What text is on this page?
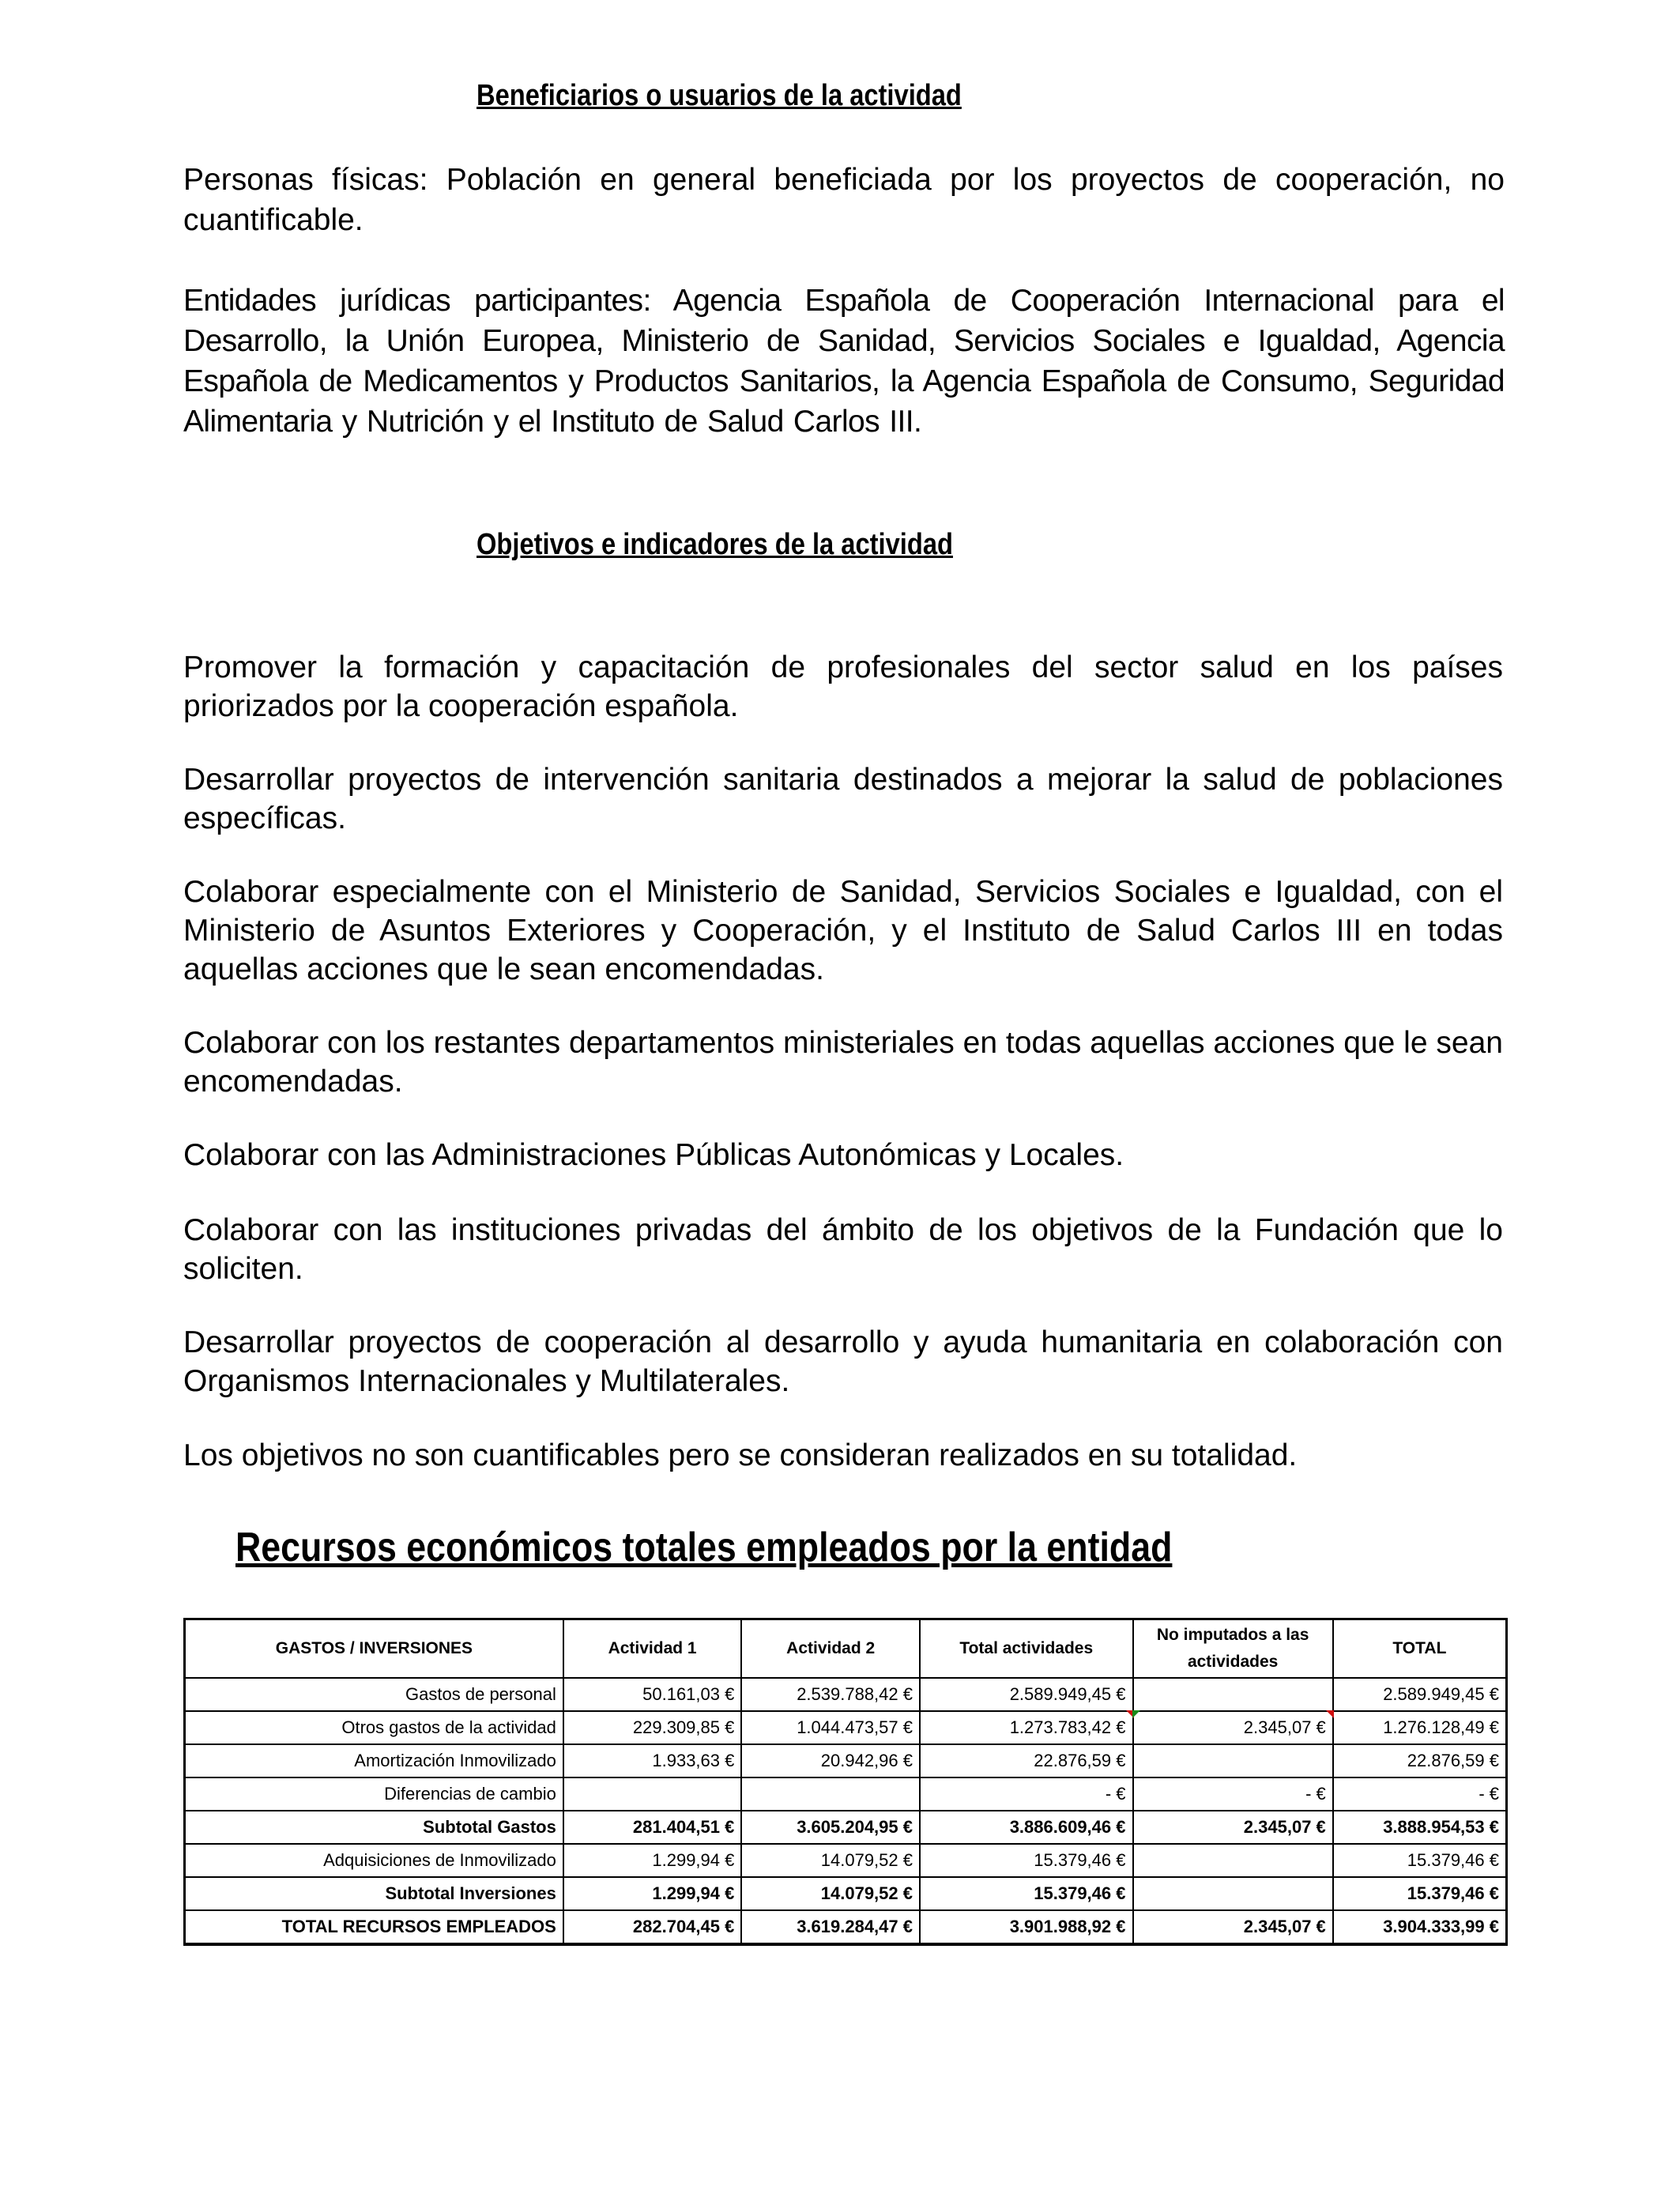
Beneficiarios o usuarios de la actividad
Personas físicas: Población en general beneficiada por los proyectos de cooperación, no cuantificable.
Entidades jurídicas participantes: Agencia Española de Cooperación Internacional para el Desarrollo, la Unión Europea, Ministerio de Sanidad, Servicios Sociales e Igualdad, Agencia Española de Medicamentos y Productos Sanitarios, la Agencia Española de Consumo, Seguridad Alimentaria y Nutrición y el Instituto de Salud Carlos III.
Objetivos e indicadores de la actividad
Promover la formación y capacitación de profesionales del sector salud en los países priorizados por la cooperación española.
Desarrollar proyectos de intervención sanitaria destinados a mejorar la salud de poblaciones específicas.
Colaborar especialmente con el Ministerio de Sanidad, Servicios Sociales e Igualdad, con el Ministerio de Asuntos Exteriores y Cooperación, y el Instituto de Salud Carlos III en todas aquellas acciones que le sean encomendadas.
Colaborar con los restantes departamentos ministeriales en todas aquellas acciones que le sean encomendadas.
Colaborar con las Administraciones Públicas Autonómicas y Locales.
Colaborar con las instituciones privadas del ámbito de los objetivos de la Fundación que lo soliciten.
Desarrollar proyectos de cooperación al desarrollo y ayuda humanitaria en colaboración con Organismos Internacionales y Multilaterales.
Los objetivos no son cuantificables pero se consideran realizados en su totalidad.
Recursos económicos totales empleados por la entidad
GASTOS / INVERSIONES	Actividad 1	Actividad 2	Total actividades	No imputados a las actividades	TOTAL
Gastos de personal	50.161,03 €	2.539.788,42 €	2.589.949,45 €		2.589.949,45 €
Otros gastos de la actividad	229.309,85 €	1.044.473,57 €	1.273.783,42 €	2.345,07 €	1.276.128,49 €
Amortización Inmovilizado	1.933,63 €	20.942,96 €	22.876,59 €		22.876,59 €
Diferencias de cambio			- €	- €	- €
Subtotal Gastos	281.404,51 €	3.605.204,95 €	3.886.609,46 €	2.345,07 €	3.888.954,53 €
Adquisiciones de Inmovilizado	1.299,94 €	14.079,52 €	15.379,46 €		15.379,46 €
Subtotal Inversiones	1.299,94 €	14.079,52 €	15.379,46 €		15.379,46 €
TOTAL RECURSOS EMPLEADOS	282.704,45 €	3.619.284,47 €	3.901.988,92 €	2.345,07 €	3.904.333,99 €
